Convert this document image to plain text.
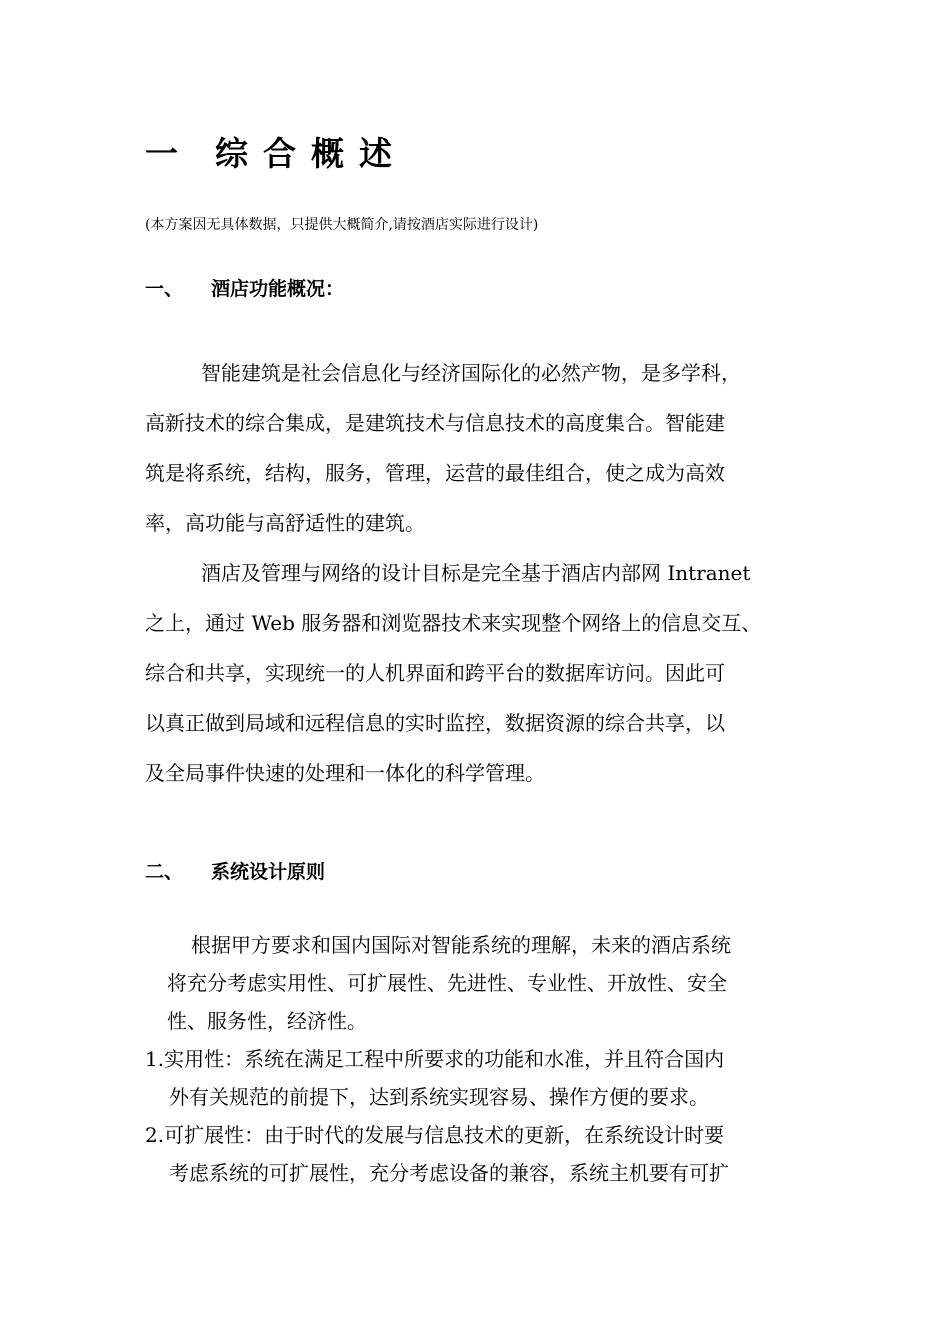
一 综合概述
(本方案因无具体数据，只提供大概简介,请按酒店实际进行设计)
一、 酒店功能概况：
智能建筑是社会信息化与经济国际化的必然产物，是多学科，
高新技术的综合集成，是建筑技术与信息技术的高度集合。智能建
筑是将系统，结构，服务，管理，运营的最佳组合，使之成为高效
率，高功能与高舒适性的建筑。
酒店及管理与网络的设计目标是完全基于酒店内部网 Intranet
之上，通过 Web 服务器和浏览器技术来实现整个网络上的信息交互、
综合和共享，实现统一的人机界面和跨平台的数据库访问。因此可
以真正做到局域和远程信息的实时监控，数据资源的综合共享，以
及全局事件快速的处理和一体化的科学管理。
二、 系统设计原则
根据甲方要求和国内国际对智能系统的理解，未来的酒店系统
将充分考虑实用性、可扩展性、先进性、专业性、开放性、安全
性、服务性，经济性。
1.实用性：系统在满足工程中所要求的功能和水准，并且符合国内
外有关规范的前提下，达到系统实现容易、操作方便的要求。
2.可扩展性：由于时代的发展与信息技术的更新，在系统设计时要
考虑系统的可扩展性，充分考虑设备的兼容，系统主机要有可扩
